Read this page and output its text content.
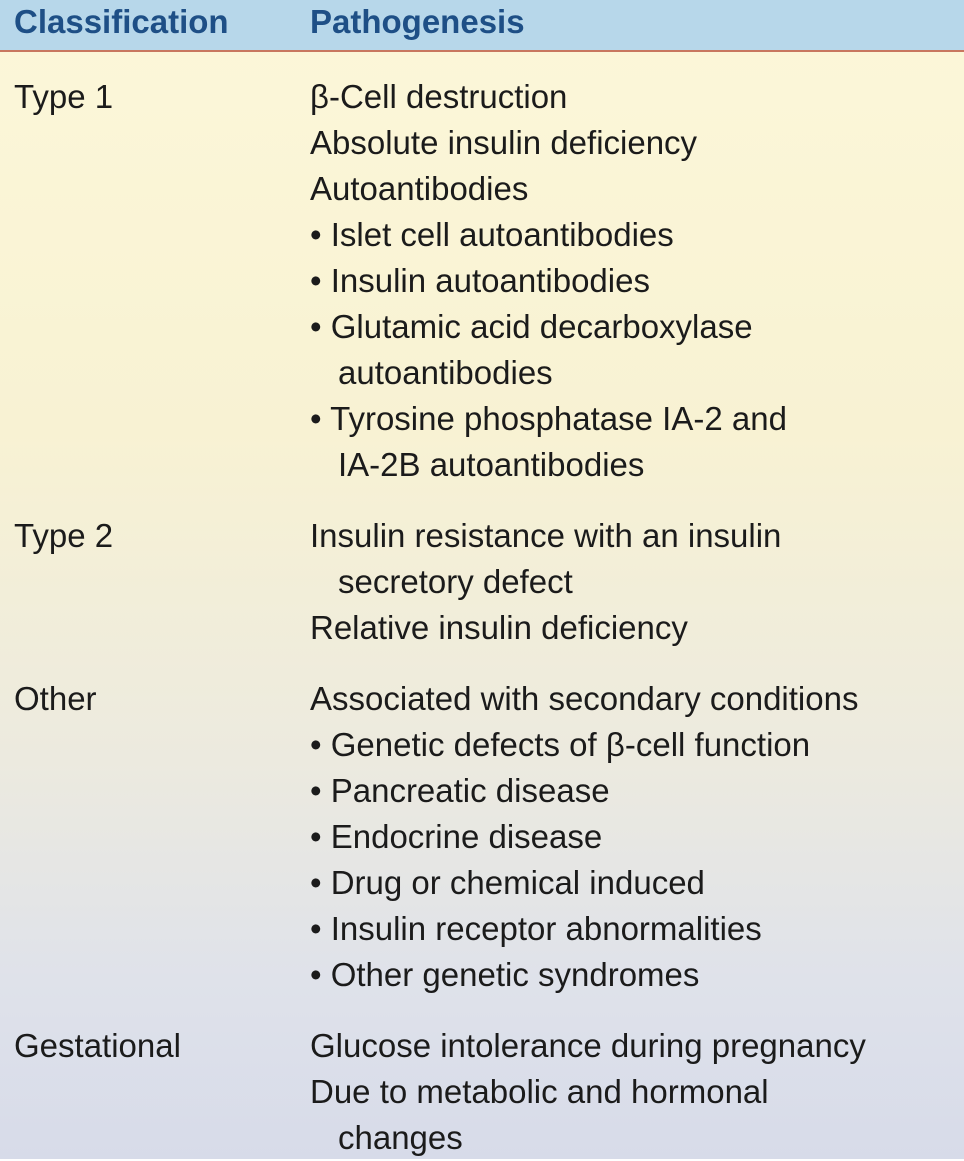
Classification Pathogenesis
Type 1	β-Cell destruction
Absolute insulin deficiency
Autoantibodies
• Islet cell autoantibodies
• Insulin autoantibodies
• Glutamic acid decarboxylase
autoantibodies
• Tyrosine phosphatase IA-2 and
IA-2B autoantibodies
Type 2	Insulin resistance with an insulin
secretory defect
Relative insulin deficiency
Other	Associated with secondary conditions
• Genetic defects of β-cell function
• Pancreatic disease
• Endocrine disease
• Drug or chemical induced
• Insulin receptor abnormalities
• Other genetic syndromes
Gestational	Glucose intolerance during pregnancy
Due to metabolic and hormonal
changes
